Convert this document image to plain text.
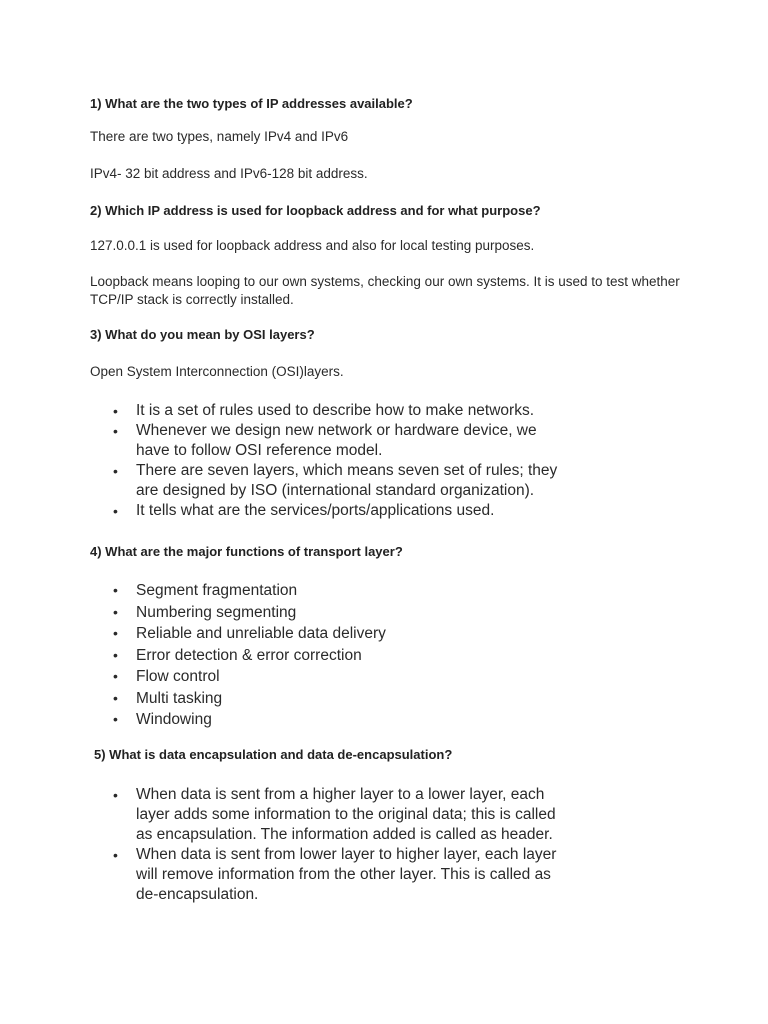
1) What are the two types of IP addresses available?

There are two types, namely IPv4 and IPv6

IPv4- 32 bit address and IPv6-128 bit address.

2) Which IP address is used for loopback address and for what purpose?

127.0.0.1 is used for loopback address and also for local testing purposes.

Loopback means looping to our own systems, checking our own systems. It is used to test whether TCP/IP stack is correctly installed.

3) What do you mean by OSI layers?

Open System Interconnection (OSI)layers.

• It is a set of rules used to describe how to make networks.
• Whenever we design new network or hardware device, we have to follow OSI reference model.
• There are seven layers, which means seven set of rules; they are designed by ISO (international standard organization).
• It tells what are the services/ports/applications used.
4) What are the major functions of transport layer?
• Segment fragmentation
• Numbering segmenting
• Reliable and unreliable data delivery
• Error detection & error correction
• Flow control
• Multi tasking
• Windowing
5) What is data encapsulation and data de-encapsulation?
• When data is sent from a higher layer to a lower layer, each layer adds some information to the original data; this is called as encapsulation. The information added is called as header.
• When data is sent from lower layer to higher layer, each layer will remove information from the other layer. This is called as de-encapsulation.
